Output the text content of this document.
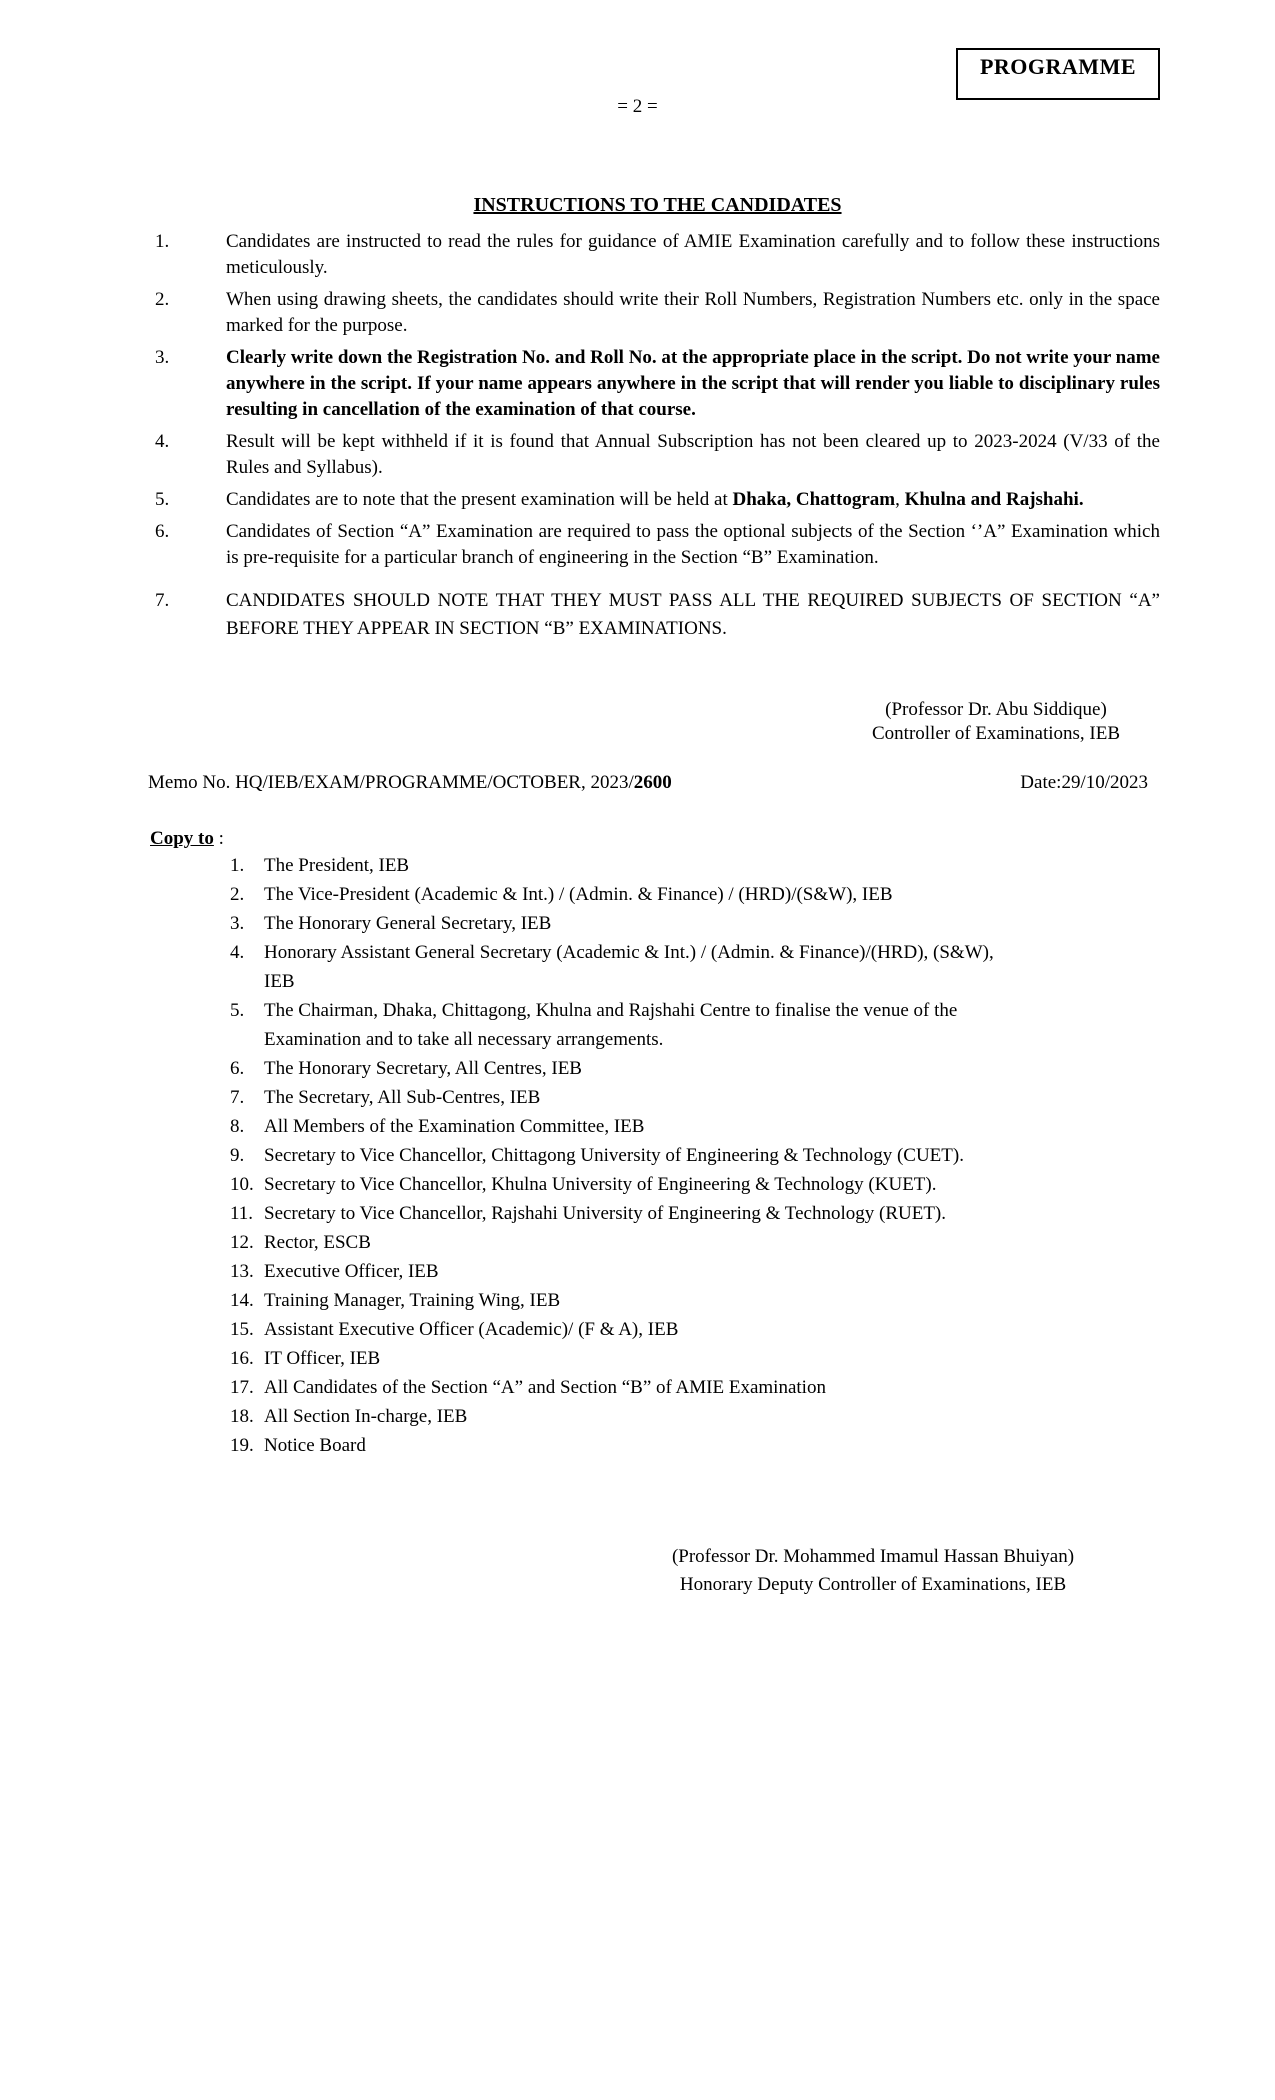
PROGRAMME
= 2 =
INSTRUCTIONS TO THE CANDIDATES
1.	Candidates are instructed to read the rules for guidance of AMIE Examination carefully and to follow these instructions meticulously.
2.	When using drawing sheets, the candidates should write their Roll Numbers, Registration Numbers etc. only in the space marked for the purpose.
3.	Clearly write down the Registration No. and Roll No. at the appropriate place in the script. Do not write your name anywhere in the script. If your name appears anywhere in the script that will render you liable to disciplinary rules resulting in cancellation of the examination of that course.
4.	Result will be kept withheld if it is found that Annual Subscription has not been cleared up to 2023-2024 (V/33 of the Rules and Syllabus).
5.	Candidates are to note that the present examination will be held at Dhaka, Chattogram, Khulna and Rajshahi.
6.	Candidates of Section “A” Examination are required to pass the optional subjects of the Section ‘’A” Examination which is pre-requisite for a particular branch of engineering in the Section “B” Examination.
7.	CANDIDATES SHOULD NOTE THAT THEY MUST PASS ALL THE REQUIRED SUBJECTS OF SECTION “A” BEFORE THEY APPEAR IN SECTION “B” EXAMINATIONS.
(Professor Dr. Abu Siddique)
Controller of Examinations, IEB
Memo No. HQ/IEB/EXAM/PROGRAMME/OCTOBER, 2023/2600	Date:29/10/2023
Copy to :
1.	The President, IEB
2.	The Vice-President (Academic & Int.) / (Admin. & Finance) / (HRD)/(S&W), IEB
3.	The Honorary General Secretary, IEB
4.	Honorary Assistant General Secretary (Academic & Int.) / (Admin. & Finance)/(HRD), (S&W), IEB
5.	The Chairman, Dhaka, Chittagong, Khulna and Rajshahi Centre to finalise the venue of the Examination and to take all necessary arrangements.
6.	The Honorary Secretary, All Centres, IEB
7.	The Secretary, All Sub-Centres, IEB
8.	All Members of the Examination Committee, IEB
9.	Secretary to Vice Chancellor, Chittagong University of Engineering & Technology (CUET).
10. Secretary to Vice Chancellor, Khulna University of Engineering & Technology (KUET).
11. Secretary to Vice Chancellor, Rajshahi University of Engineering & Technology (RUET).
12. Rector, ESCB
13. Executive Officer, IEB
14. Training Manager, Training Wing, IEB
15. Assistant Executive Officer (Academic)/ (F & A), IEB
16. IT Officer, IEB
17. All Candidates of the Section “A” and Section “B” of AMIE Examination
18. All Section In-charge, IEB
19. Notice Board
(Professor Dr. Mohammed Imamul Hassan Bhuiyan)
Honorary Deputy Controller of Examinations, IEB
